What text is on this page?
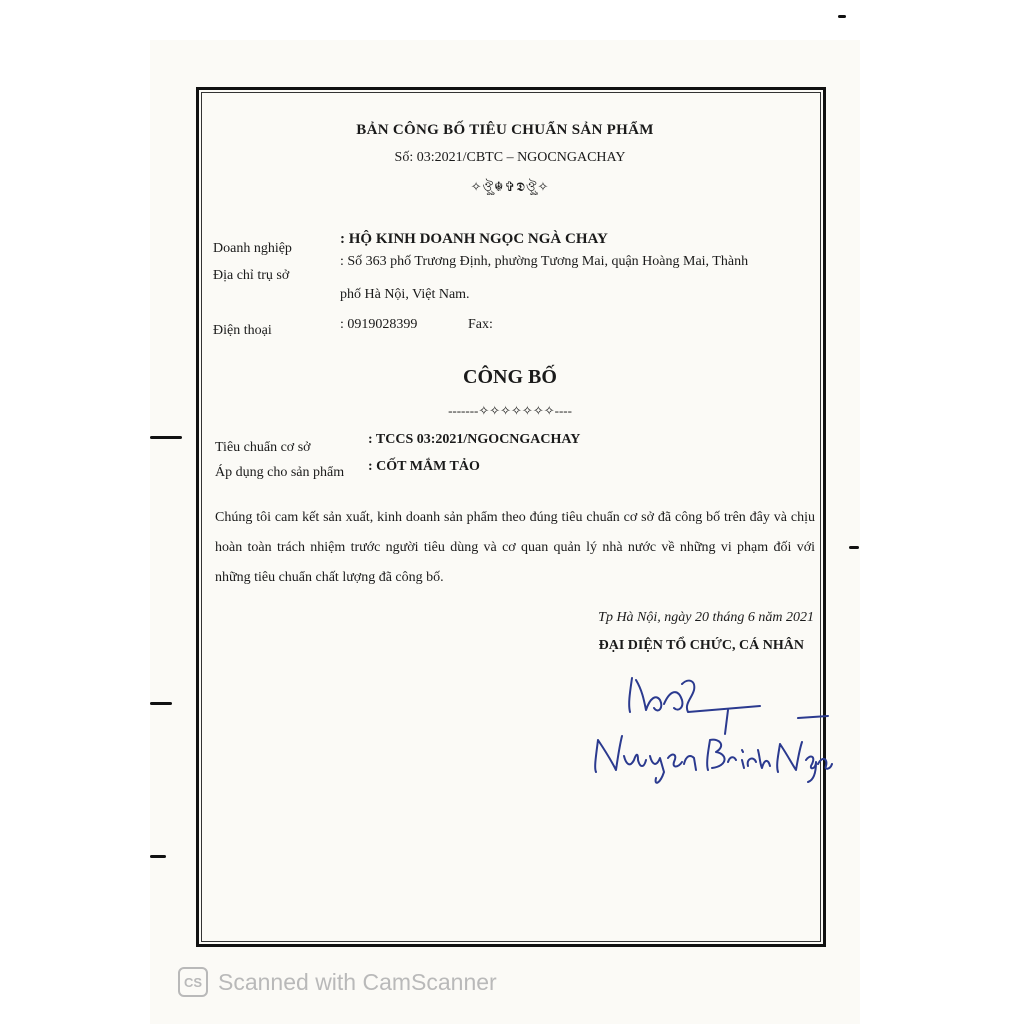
BẢN CÔNG BỐ TIÊU CHUẨN SẢN PHẨM
Số: 03:2021/CBTC – NGOCNGACHAY
✧ঔৣ☬✞𝕯ঔৣ✧
Doanh nghiệp
: HỘ KINH DOANH NGỌC NGÀ CHAY
Địa chỉ trụ sở
: Số 363 phố Trương Định, phường Tương Mai, quận Hoàng Mai, Thành
phố Hà Nội, Việt Nam.
Điện thoại	: 0919028399	Fax:
CÔNG BỐ
-------✧✧✧✧✧✧✧----
Tiêu chuẩn cơ sở
: TCCS 03:2021/NGOCNGACHAY
Áp dụng cho sản phẩm : CỐT MẮM TẢO
Chúng tôi cam kết sản xuất, kinh doanh sản phẩm theo đúng tiêu chuẩn cơ sở đã công bố trên đây và chịu hoàn toàn trách nhiệm trước người tiêu dùng và cơ quan quản lý nhà nước về những vi phạm đối với những tiêu chuẩn chất lượng đã công bố.
Tp Hà Nội, ngày 20 tháng 6 năm 2021
ĐẠI DIỆN TỔ CHỨC, CÁ NHÂN
CS Scanned with CamScanner
